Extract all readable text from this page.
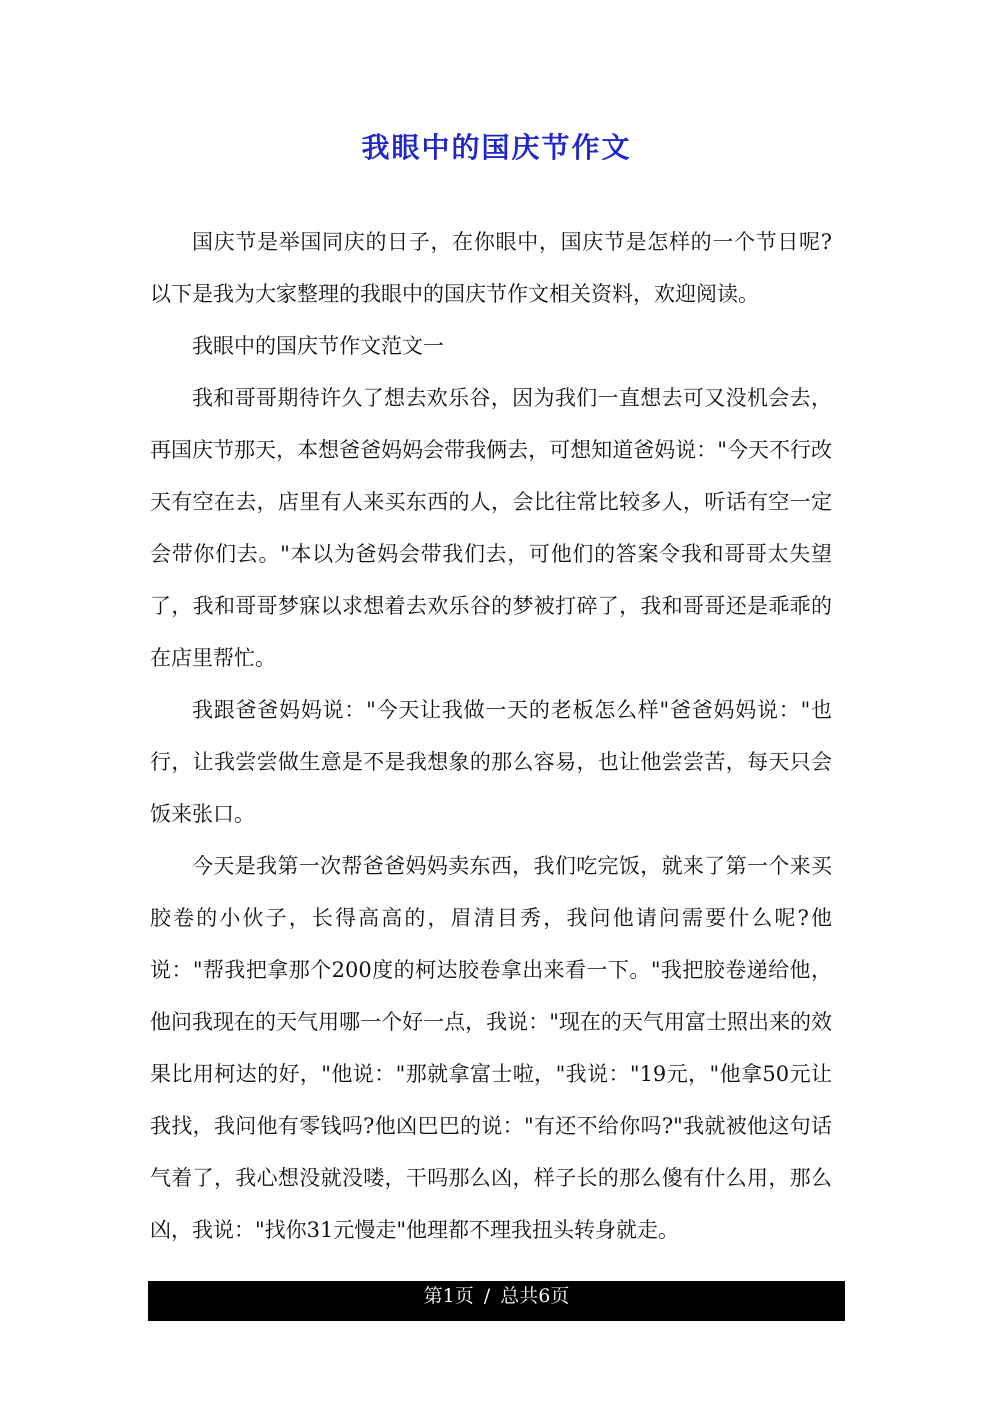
我眼中的国庆节作文

国庆节是举国同庆的日子，在你眼中，国庆节是怎样的一个节日呢?以下是我为大家整理的我眼中的国庆节作文相关资料，欢迎阅读。

我眼中的国庆节作文范文一

我和哥哥期待许久了想去欢乐谷，因为我们一直想去可又没机会去，再国庆节那天，本想爸爸妈妈会带我俩去，可想知道爸妈说："今天不行改天有空在去，店里有人来买东西的人，会比往常比较多人，听话有空一定会带你们去。"本以为爸妈会带我们去，可他们的答案令我和哥哥太失望了，我和哥哥梦寐以求想着去欢乐谷的梦被打碎了，我和哥哥还是乖乖的在店里帮忙。

我跟爸爸妈妈说："今天让我做一天的老板怎么样"爸爸妈妈说："也行，让我尝尝做生意是不是我想象的那么容易，也让他尝尝苦，每天只会饭来张口。

今天是我第一次帮爸爸妈妈卖东西，我们吃完饭，就来了第一个来买胶卷的小伙子，长得高高的，眉清目秀，我问他请问需要什么呢?他说："帮我把拿那个200度的柯达胶卷拿出来看一下。"我把胶卷递给他，他问我现在的天气用哪一个好一点，我说："现在的天气用富士照出来的效果比用柯达的好，"他说："那就拿富士啦，"我说："19元，"他拿50元让我找，我问他有零钱吗?他凶巴巴的说："有还不给你吗?"我就被他这句话气着了，我心想没就没喽，干吗那么凶，样子长的那么傻有什么用，那么凶，我说："找你31元慢走"他理都不理我扭头转身就走。

第1页 / 总共6页
